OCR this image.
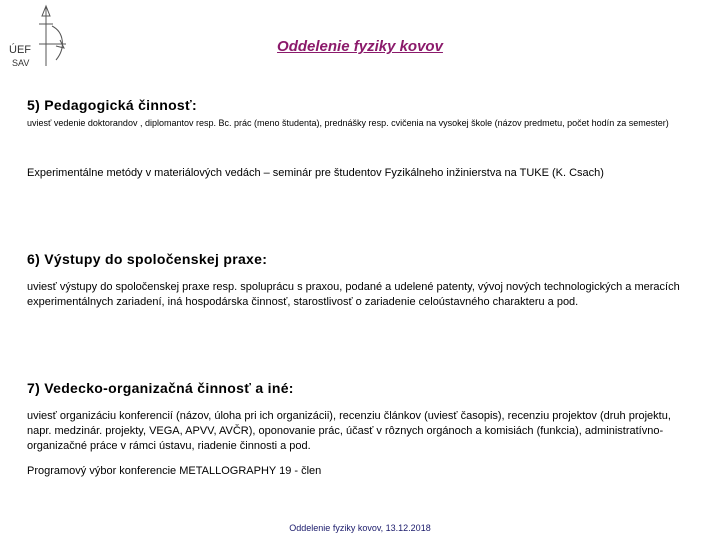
ÚEF
SAV
Oddelenie fyziky kovov
5) Pedagogická činnosť:
uviesť vedenie doktorandov , diplomantov resp. Bc. prác (meno študenta), prednášky resp. cvičenia na vysokej škole (názov predmetu, počet hodín za semester)
Experimentálne metódy v materiálových vedách – seminár pre študentov Fyzikálneho inžinierstva na TUKE (K. Csach)
6) Výstupy do spoločenskej praxe:
uviesť výstupy do spoločenskej praxe resp. spoluprácu s praxou, podané a udelené patenty, vývoj nových technologických a meracích experimentálnych zariadení, iná hospodárska činnosť, starostlivosť o zariadenie celoústavného charakteru a pod.
7) Vedecko-organizačná činnosť a iné:
uviesť organizáciu konferencií (názov, úloha pri ich organizácii), recenziu článkov (uviesť časopis), recenziu projektov (druh projektu, napr. medzinár. projekty, VEGA, APVV, AVČR), oponovanie prác, účasť v rôznych orgánoch a komisiách (funkcia), administratívno-organizačné práce v rámci ústavu, riadenie činnosti a pod.
Programový výbor konferencie METALLOGRAPHY 19 - člen
Oddelenie fyziky kovov, 13.12.2018
